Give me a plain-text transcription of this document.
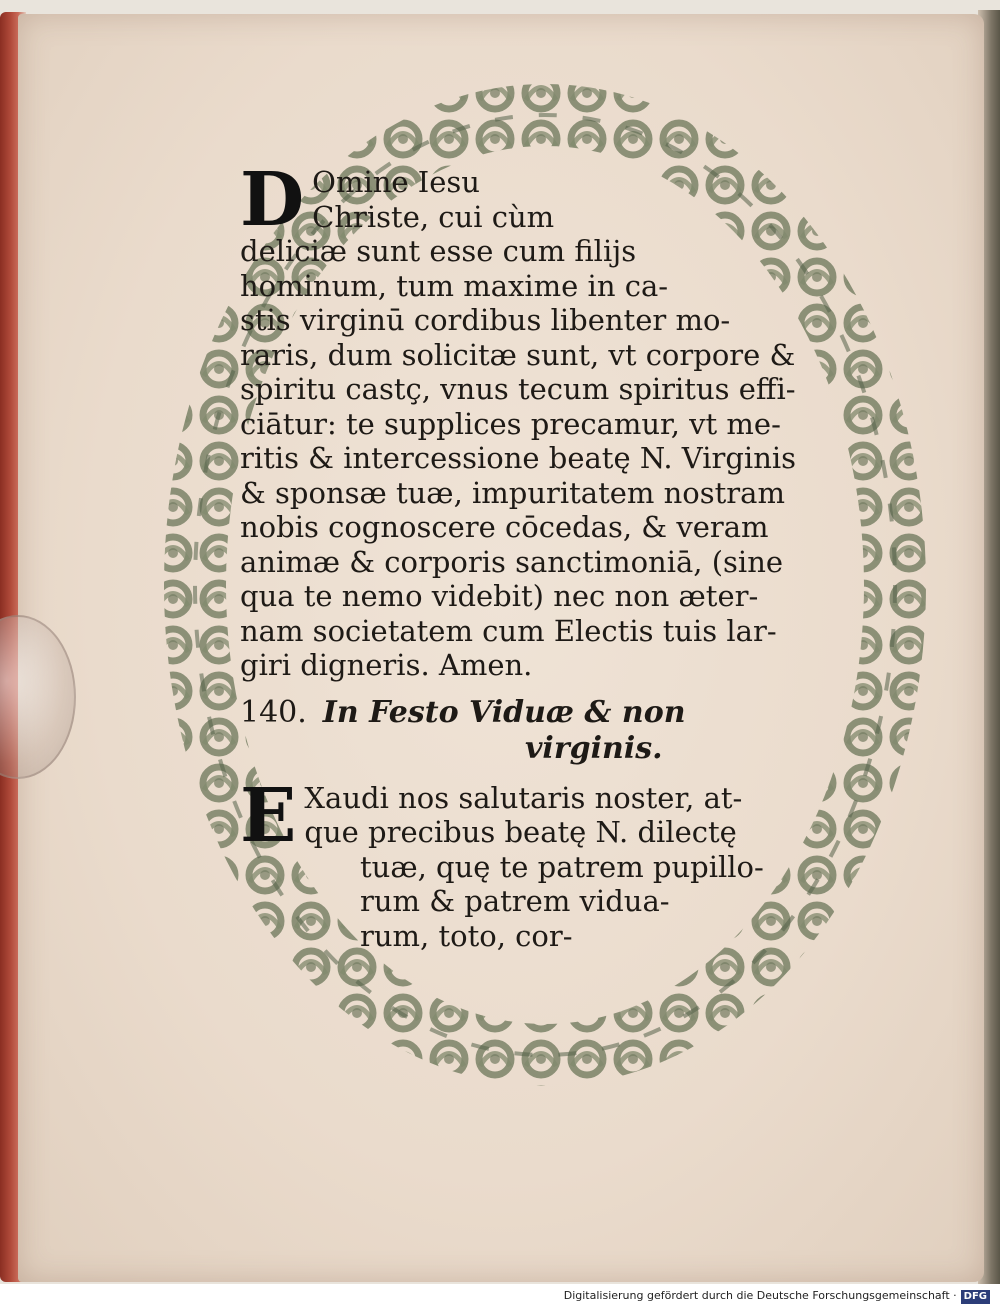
D Omine Iesu
Christe, cui cùm
deliciæ sunt esse cum filijs
hominum, tum maxime in ca-
stis virginū cordibus libenter mo-
raris, dum solicitæ sunt, vt corpore &
spiritu castç, vnus tecum spiritus effi-
ciātur: te supplices precamur, vt me-
ritis & intercessione beatę N. Virginis
& sponsæ tuæ, impuritatem nostram
nobis cognoscere cōcedas, & veram
animæ & corporis sanctimoniā, (sine
qua te nemo videbit) nec non æter-
nam societatem cum Electis tuis lar-
giri digneris. Amen.
140. In Festo Viduæ & non
virginis.
E Xaudi nos salutaris noster, at-
que precibus beatę N. dilectę
tuæ, quę te patrem pupillo-
rum & patrem vidua-
rum, toto, cor-
Digitalisierung gefördert durch die Deutsche Forschungsgemeinschaft · DFG
